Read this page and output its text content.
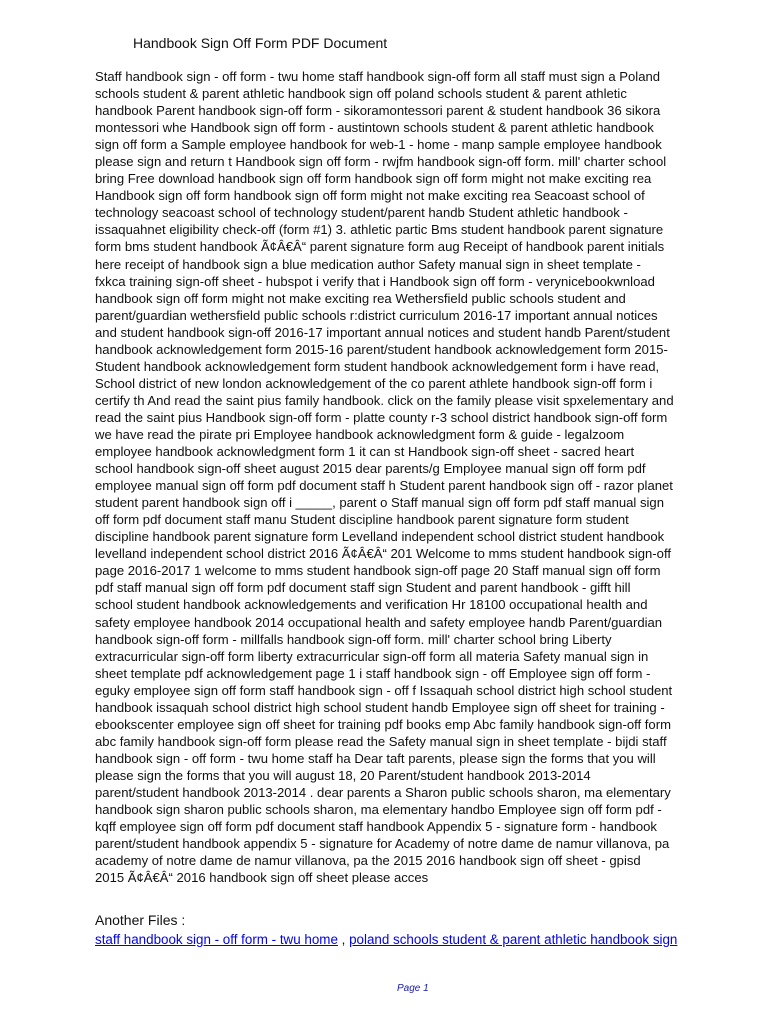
Handbook Sign Off Form PDF Document
Staff handbook sign - off form - twu home staff handbook sign-off form all staff must sign a Poland
schools student & parent athletic handbook sign off poland schools student & parent athletic
handbook Parent handbook sign-off form - sikoramontessori parent & student handbook 36 sikora
montessori whe Handbook sign off form - austintown schools student & parent athletic handbook
sign off form a Sample employee handbook for web-1 - home - manp sample employee handbook
please sign and return t Handbook sign off form - rwjfm handbook sign-off form. mill' charter school
bring Free download handbook sign off form handbook sign off form might not make exciting rea
Handbook sign off form handbook sign off form might not make exciting rea Seacoast school of
technology seacoast school of technology student/parent handb Student athletic handbook -
issaquahnet eligibility check-off (form #1) 3. athletic partic Bms student handbook parent signature
form bms student handbook Ã¢Â€Â“ parent signature form aug Receipt of handbook parent initials
here receipt of handbook sign a blue medication author Safety manual sign in sheet template -
fxkca training sign-off sheet - hubspot i verify that i Handbook sign off form - verynicebookwnload
handbook sign off form might not make exciting rea Wethersfield public schools student and
parent/guardian wethersfield public schools r:district curriculum 2016-17 important annual notices
and student handbook sign-off 2016-17 important annual notices and student handb Parent/student
handbook acknowledgement form 2015-16 parent/student handbook acknowledgement form 2015-
Student handbook acknowledgement form student handbook acknowledgement form i have read,
School district of new london acknowledgement of the co parent athlete handbook sign-off form i
certify th And read the saint pius family handbook. click on the family please visit spxelementary and
read the saint pius Handbook sign-off form - platte county r-3 school district handbook sign-off form
we have read the pirate pri Employee handbook acknowledgment form & guide - legalzoom
employee handbook acknowledgment form 1 it can st Handbook sign-off sheet - sacred heart
school handbook sign-off sheet august 2015 dear parents/g Employee manual sign off form pdf
employee manual sign off form pdf document staff h Student parent handbook sign off - razor planet
student parent handbook sign off i _____, parent o Staff manual sign off form pdf staff manual sign
off form pdf document staff manu Student discipline handbook parent signature form student
discipline handbook parent signature form Levelland independent school district student handbook
levelland independent school district 2016 Ã¢Â€Â“ 201 Welcome to mms student handbook sign-off
page 2016-2017 1 welcome to mms student handbook sign-off page 20 Staff manual sign off form
pdf staff manual sign off form pdf document staff sign Student and parent handbook - gifft hill
school student handbook acknowledgements and verification Hr 18100 occupational health and
safety employee handbook 2014 occupational health and safety employee handb Parent/guardian
handbook sign-off form - millfalls handbook sign-off form. mill' charter school bring Liberty
extracurricular sign-off form liberty extracurricular sign-off form all materia Safety manual sign in
sheet template pdf acknowledgement page 1 i staff handbook sign - off Employee sign off form -
eguky employee sign off form staff handbook sign - off f Issaquah school district high school student
handbook issaquah school district high school student handb Employee sign off sheet for training -
ebookscenter employee sign off sheet for training pdf books emp Abc family handbook sign-off form
abc family handbook sign-off form please read the Safety manual sign in sheet template - bijdi staff
handbook sign - off form - twu home staff ha Dear taft parents, please sign the forms that you will
please sign the forms that you will august 18, 20 Parent/student handbook 2013-2014
parent/student handbook 2013-2014 . dear parents a Sharon public schools sharon, ma elementary
handbook sign sharon public schools sharon, ma elementary handbo Employee sign off form pdf -
kqff employee sign off form pdf document staff handbook Appendix 5 - signature form - handbook
parent/student handbook appendix 5 - signature for Academy of notre dame de namur villanova, pa
academy of notre dame de namur villanova, pa the 2015 2016 handbook sign off sheet - gpisd
2015 Ã¢Â€Â“ 2016 handbook sign off sheet please acces
Another Files :
staff handbook sign - off form - twu home , poland schools student & parent athletic handbook sign
Page 1
